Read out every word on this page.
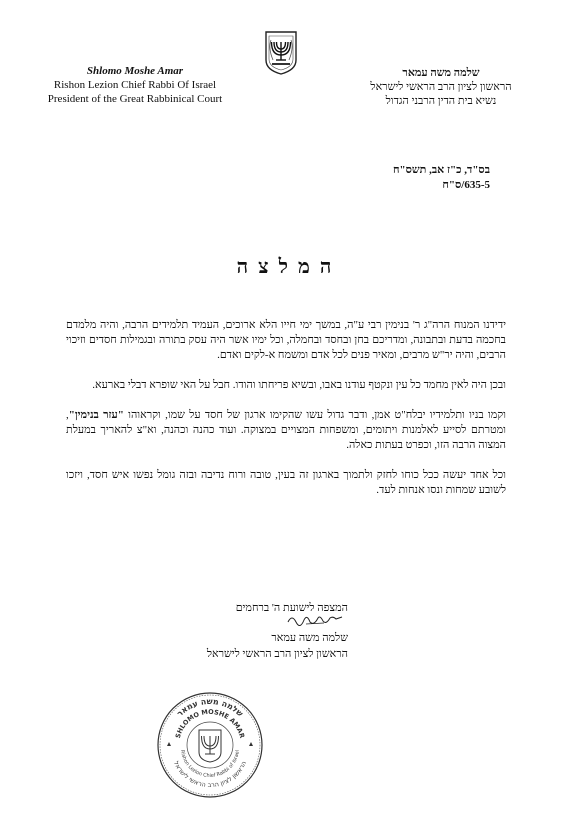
Shlomo Moshe Amar
Rishon Lezion Chief Rabbi Of Israel
President of the Great Rabbinical Court
שלמה משה עמאר
הראשון לציון הרב הראשי לישראל
נשיא בית הדין הרבני הגדול
בס"ד, כ"ז אב, תשס"ח
635-5/ס"ח
המלצה

ידידנו המנוח הרה"ג ר' בנימין רבי ע"ה, במשך ימי חייו הלא ארוכים, העמיד תלמידים הרבה, והיה מלמדם בחכמה בדעת ובתבונה, ומדריכם בחן ובחסד ובחמלה, וכל ימיו אשר היה עסק בתורה ובגמילות חסדים וזיכוי הרבים, והיה יר"ש מרבים, ומאיר פנים לכל אדם ומשמח א-לקים ואדם.

ובכן היה לאין מחמד כל עין ונקטף עודנו באבו, ובשיא פריחתו והודו. חבל על האי שופרא דבלי בארעא.

וקמו בניו ותלמידיו יבלח"ט אמן, ודבר גדול עשו שהקימו ארגון של חסד על שמו, וקראוהו "עזר בנימין", ומטרתם לסייע לאלמנות ויתומים, ומשפחות המצויים במצוקה. ועוד כהנה וכהנה, וא"צ להאריך במעלת המצוה הרבה הזו, וכפרט בעתות כאלה.

וכל אחד יעשה ככל כוחו לחזק ולתמוך בארגון זה בעין, טובה ורוח נדיבה ובזה גומל נפשו איש חסד, ויזכו לשובע שמחות ונסו אנחות לעד.

המצפה לישועת ה' ברחמים
שלמה משה עמאר
הראשון לציון הרב הראשי לישראל
שלמה משה עמאר
SHLOMO MOSHE AMAR
Rishon Lezion Chief Rabbi of Israel
הראשון לציון הרב הראשי לישראל
